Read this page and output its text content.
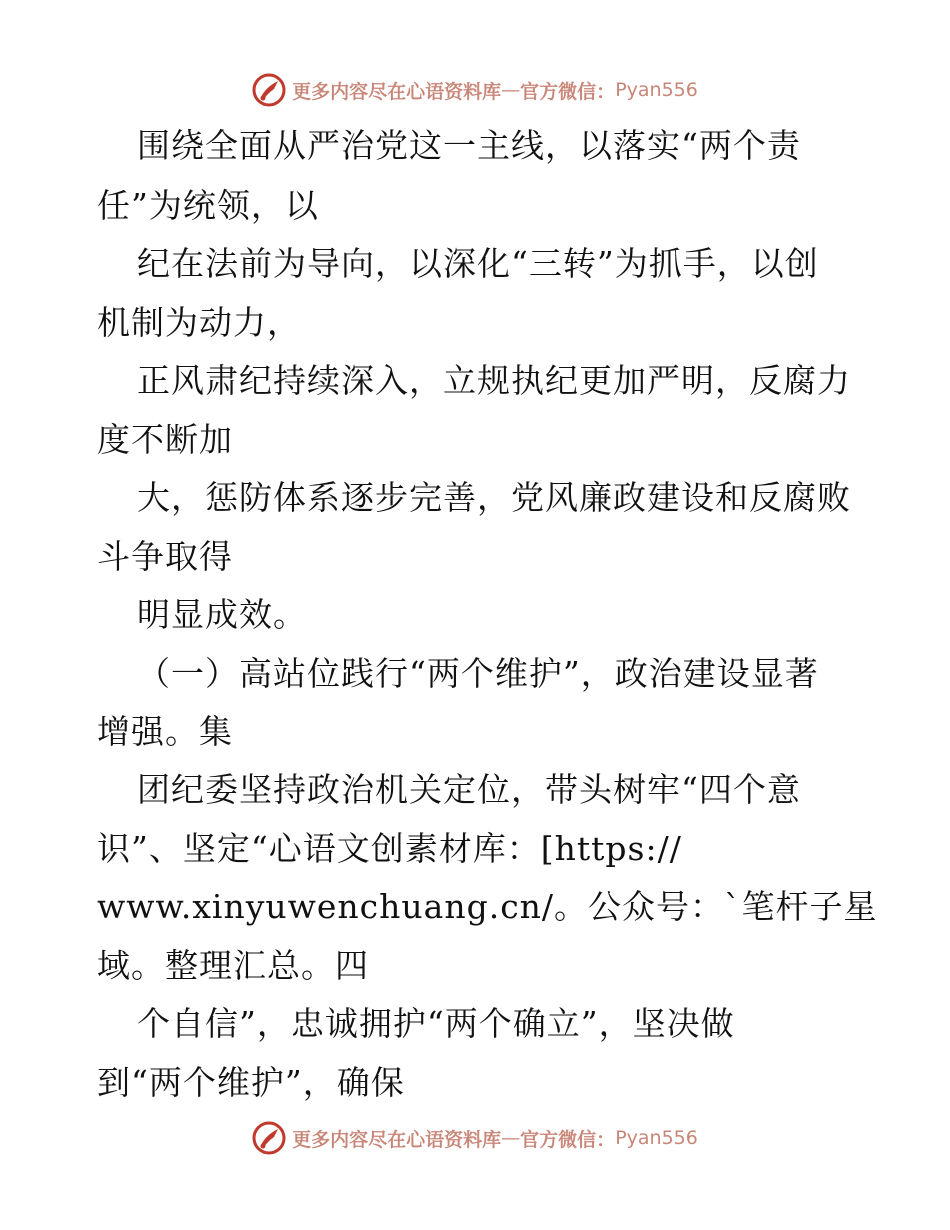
更多内容尽在心语资料库 — 官方微信： Pyan556
围绕全面从严治党这一主线，以落实“两个责
任”为统领，以
纪在法前为导向，以深化“三转”为抓手，以创
机制为动力，
正风肃纪持续深入，立规执纪更加严明，反腐力
度不断加
大，惩防体系逐步完善，党风廉政建设和反腐败
斗争取得
明显成效。
（一）高站位践行“两个维护”，政治建设显著
增强。集
团纪委坚持政治机关定位，带头树牢“四个意
识”、坚定“心语文创素材库：[https://
www.xinyuwenchuang.cn/。公众号：`笔杆子星
域。整理汇总。四
个自信”，忠诚拥护“两个确立”，坚决做
到“两个维护”，确保
更多内容尽在心语资料库 — 官方微信： Pyan556
